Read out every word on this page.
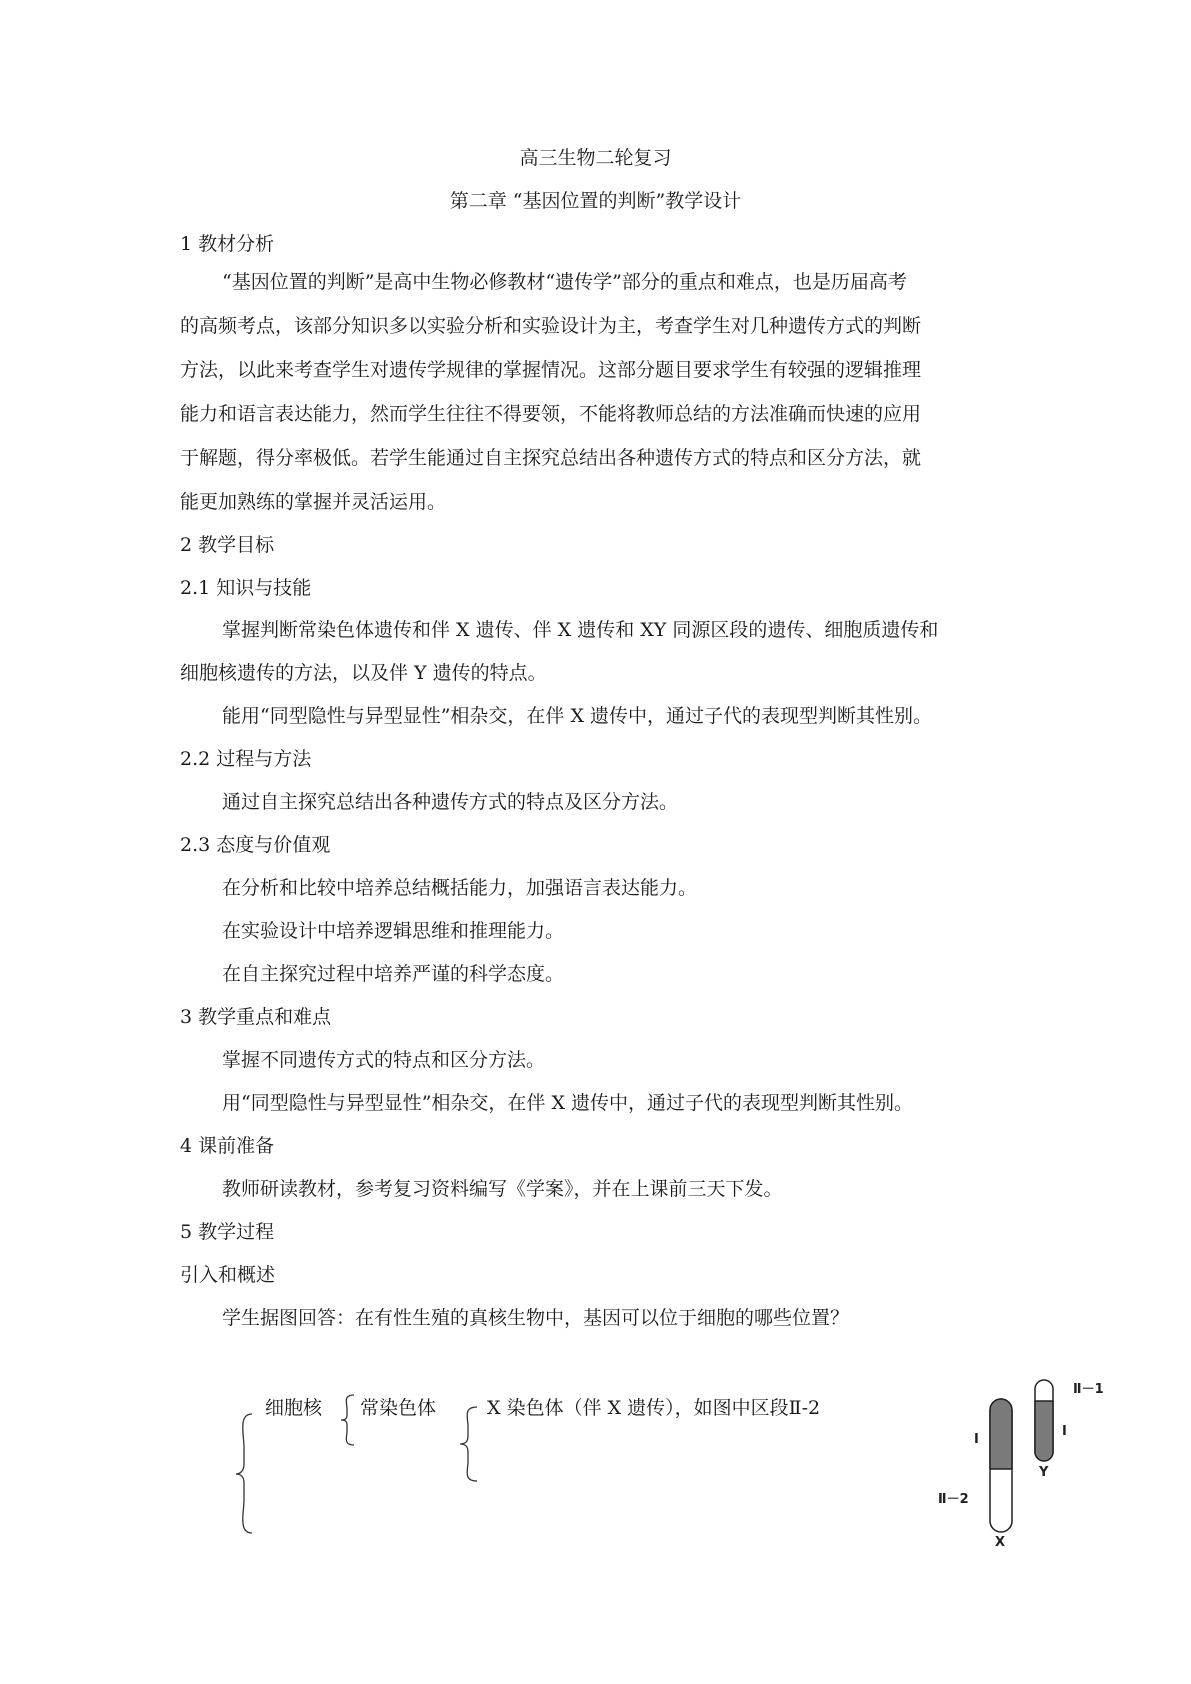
高三生物二轮复习
第二章 “基因位置的判断”教学设计
1 教材分析
“基因位置的判断”是高中生物必修教材“遗传学”部分的重点和难点，也是历届高考
的高频考点，该部分知识多以实验分析和实验设计为主，考查学生对几种遗传方式的判断
方法，以此来考查学生对遗传学规律的掌握情况。这部分题目要求学生有较强的逻辑推理
能力和语言表达能力，然而学生往往不得要领，不能将教师总结的方法准确而快速的应用
于解题，得分率极低。若学生能通过自主探究总结出各种遗传方式的特点和区分方法，就
能更加熟练的掌握并灵活运用。
2 教学目标
2.1 知识与技能
掌握判断常染色体遗传和伴 X 遗传、伴 X 遗传和 XY 同源区段的遗传、细胞质遗传和
细胞核遗传的方法，以及伴 Y 遗传的特点。
能用“同型隐性与异型显性”相杂交，在伴 X 遗传中，通过子代的表现型判断其性别。
2.2 过程与方法
通过自主探究总结出各种遗传方式的特点及区分方法。
2.3 态度与价值观
在分析和比较中培养总结概括能力，加强语言表达能力。
在实验设计中培养逻辑思维和推理能力。
在自主探究过程中培养严谨的科学态度。
3 教学重点和难点
掌握不同遗传方式的特点和区分方法。
用“同型隐性与异型显性”相杂交，在伴 X 遗传中，通过子代的表现型判断其性别。
4 课前准备
教师研读教材，参考复习资料编写《学案》，并在上课前三天下发。
5 教学过程
引入和概述
学生据图回答：在有性生殖的真核生物中，基因可以位于细胞的哪些位置？
细胞核 常染色体	X 染色体（伴 X 遗传），如图中区段Ⅱ-2
Ⅱ－1
Ⅰ
Y
Ⅰ
Ⅱ－2
X
